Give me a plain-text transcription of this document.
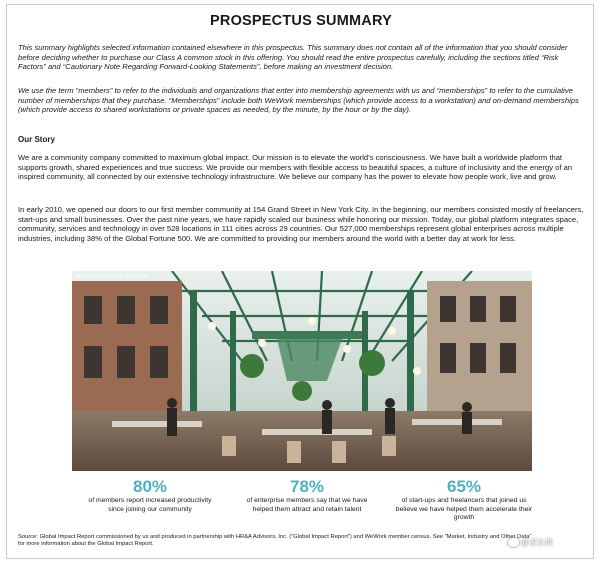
PROSPECTUS SUMMARY

This summary highlights selected information contained elsewhere in this prospectus. This summary does not contain all of the information that you should consider before deciding whether to purchase our Class A common stock in this offering. You should read the entire prospectus carefully, including the sections titled “Risk Factors” and “Cautionary Note Regarding Forward-Looking Statements”, before making an investment decision.

We use the term “members” to refer to the individuals and organizations that enter into membership agreements with us and “memberships” to refer to the cumulative number of memberships that they purchase. “Memberships” include both WeWork memberships (which provide access to a workstation) and on-demand memberships (which provide access to shared workstations or private spaces as needed, by the minute, by the hour or by the day).

Our Story

We are a community company committed to maximum global impact. Our mission is to elevate the world’s consciousness. We have built a worldwide platform that supports growth, shared experiences and true success. We provide our members with flexible access to beautiful spaces, a culture of inclusivity and the energy of an inspired community, all connected by our extensive technology infrastructure. We believe our company has the power to elevate how people work, live and grow.

In early 2010, we opened our doors to our first member community at 154 Grand Street in New York City. In the beginning, our members consisted mostly of freelancers, start-ups and small businesses. Over the past nine years, we have rapidly scaled our business while honoring our mission. Today, our global platform integrates space, community, services and technology in over 528 locations in 111 cities across 29 countries. Our 527,000 memberships represent global enterprises across multiple industries, including 38% of the Global Fortune 500. We are committed to providing our members around the world with a better day at work for less.

WeWork Weihai Lu, Shanghai
80%
of members report increased productivity since joining our community
78%
of enterprise members say that we have helped them attract and retain talent
65%
of start-ups and freelancers that joined us believe we have helped them accelerate their growth

Source: Global Impact Report commissioned by us and produced in partnership with HR&A Advisors, Inc. (“Global Impact Report”) and WeWork member census. See “Market, Industry and Other Data” for more information about the Global Impact Report.	@老东欺
